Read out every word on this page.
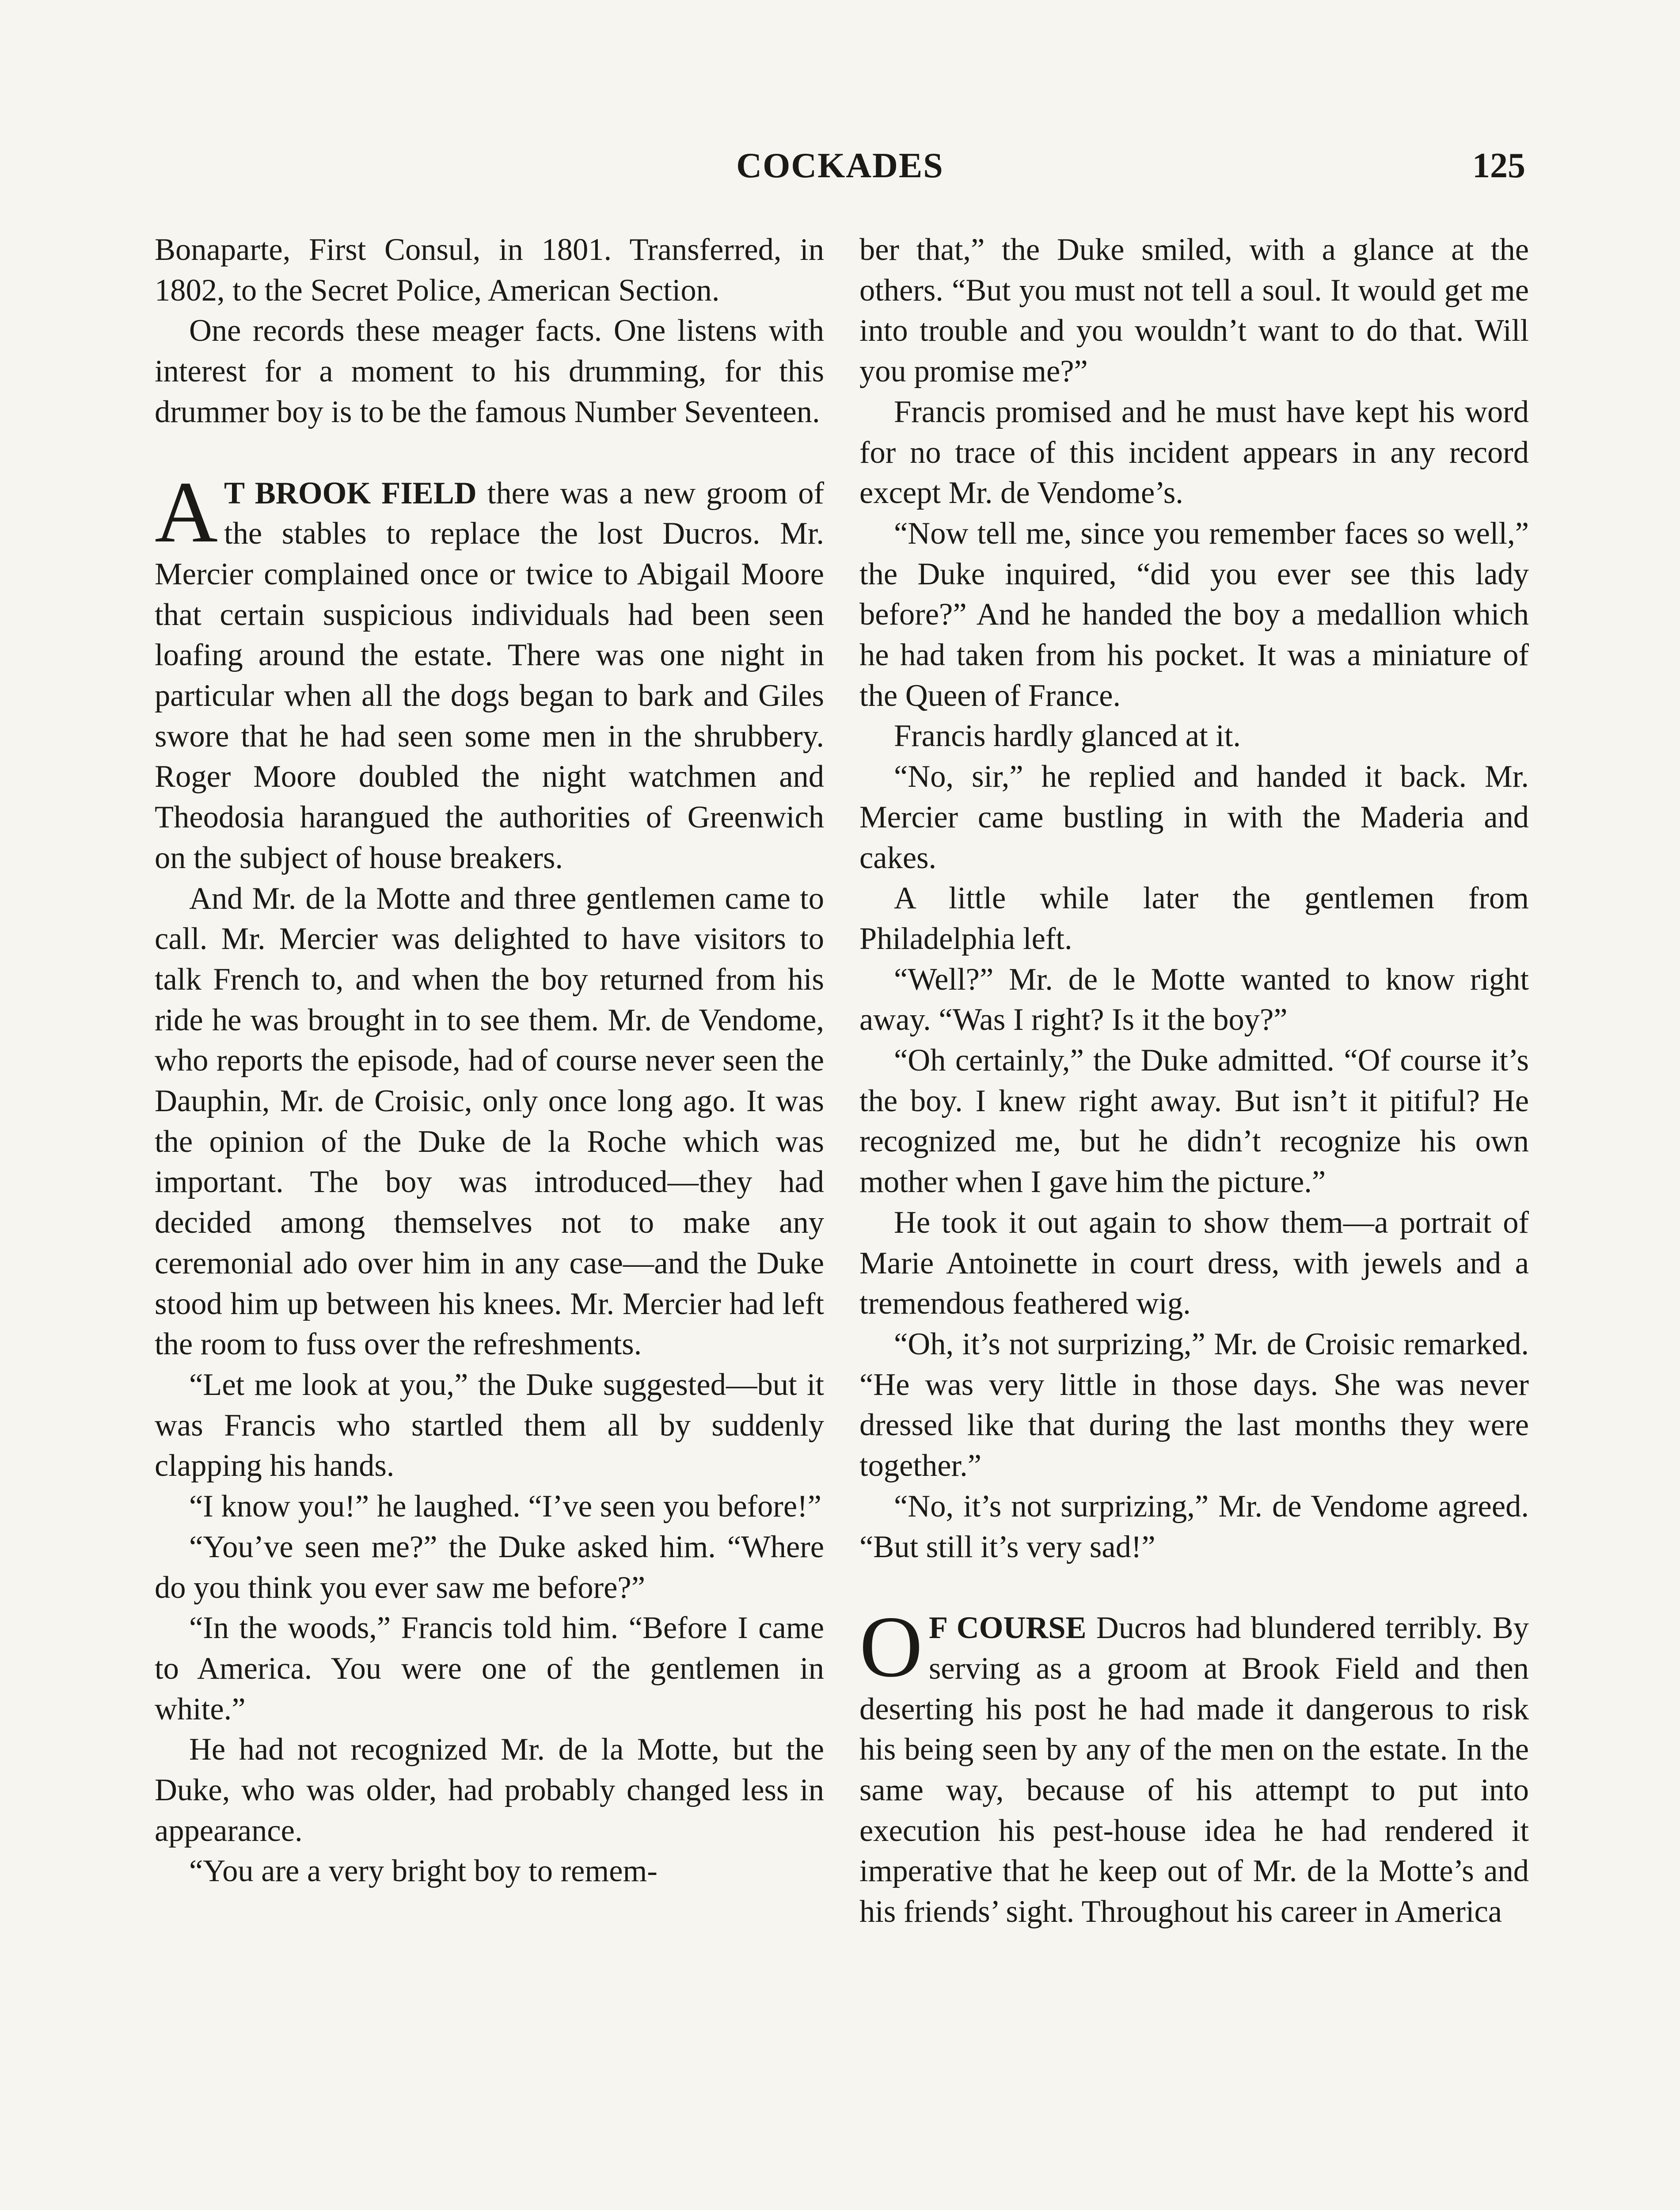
COCKADES	125

Bonaparte, First Consul, in 1801. Transferred, in 1802, to the Secret Police, American Section.

One records these meager facts. One listens with interest for a moment to his drumming, for this drummer boy is to be the famous Number Seventeen.

A T BROOK FIELD there was a new groom of the stables to replace the lost Ducros. Mr. Mercier complained once or twice to Abigail Moore that certain suspicious individuals had been seen loafing around the estate. There was one night in particular when all the dogs began to bark and Giles swore that he had seen some men in the shrubbery. Roger Moore doubled the night watchmen and Theodosia harangued the authorities of Greenwich on the subject of house breakers.

And Mr. de la Motte and three gentlemen came to call. Mr. Mercier was delighted to have visitors to talk French to, and when the boy returned from his ride he was brought in to see them. Mr. de Vendome, who reports the episode, had of course never seen the Dauphin, Mr. de Croisic, only once long ago. It was the opinion of the Duke de la Roche which was important. The boy was introduced—they had decided among themselves not to make any ceremonial ado over him in any case—and the Duke stood him up between his knees. Mr. Mercier had left the room to fuss over the refreshments.

“Let me look at you,” the Duke suggested—but it was Francis who startled them all by suddenly clapping his hands.

“I know you!” he laughed. “I’ve seen you before!”

“You’ve seen me?” the Duke asked him. “Where do you think you ever saw me before?”

“In the woods,” Francis told him. “Before I came to America. You were one of the gentlemen in white.”

He had not recognized Mr. de la Motte, but the Duke, who was older, had probably changed less in appearance.

“You are a very bright boy to remem-

ber that,” the Duke smiled, with a glance at the others. “But you must not tell a soul. It would get me into trouble and you wouldn’t want to do that. Will you promise me?”

Francis promised and he must have kept his word for no trace of this incident appears in any record except Mr. de Vendome’s.

“Now tell me, since you remember faces so well,” the Duke inquired, “did you ever see this lady before?” And he handed the boy a medallion which he had taken from his pocket. It was a miniature of the Queen of France.

Francis hardly glanced at it.

“No, sir,” he replied and handed it back. Mr. Mercier came bustling in with the Maderia and cakes.

A little while later the gentlemen from Philadelphia left.

“Well?” Mr. de le Motte wanted to know right away. “Was I right? Is it the boy?”

“Oh certainly,” the Duke admitted. “Of course it’s the boy. I knew right away. But isn’t it pitiful? He recognized me, but he didn’t recognize his own mother when I gave him the picture.”

He took it out again to show them—a portrait of Marie Antoinette in court dress, with jewels and a tremendous feathered wig.

“Oh, it’s not surprizing,” Mr. de Croisic remarked. “He was very little in those days. She was never dressed like that during the last months they were together.”

“No, it’s not surprizing,” Mr. de Vendome agreed. “But still it’s very sad!”

O F COURSE Ducros had blundered terribly. By serving as a groom at Brook Field and then deserting his post he had made it dangerous to risk his being seen by any of the men on the estate. In the same way, because of his attempt to put into execution his pest-house idea he had rendered it imperative that he keep out of Mr. de la Motte’s and his friends’ sight. Throughout his career in America
